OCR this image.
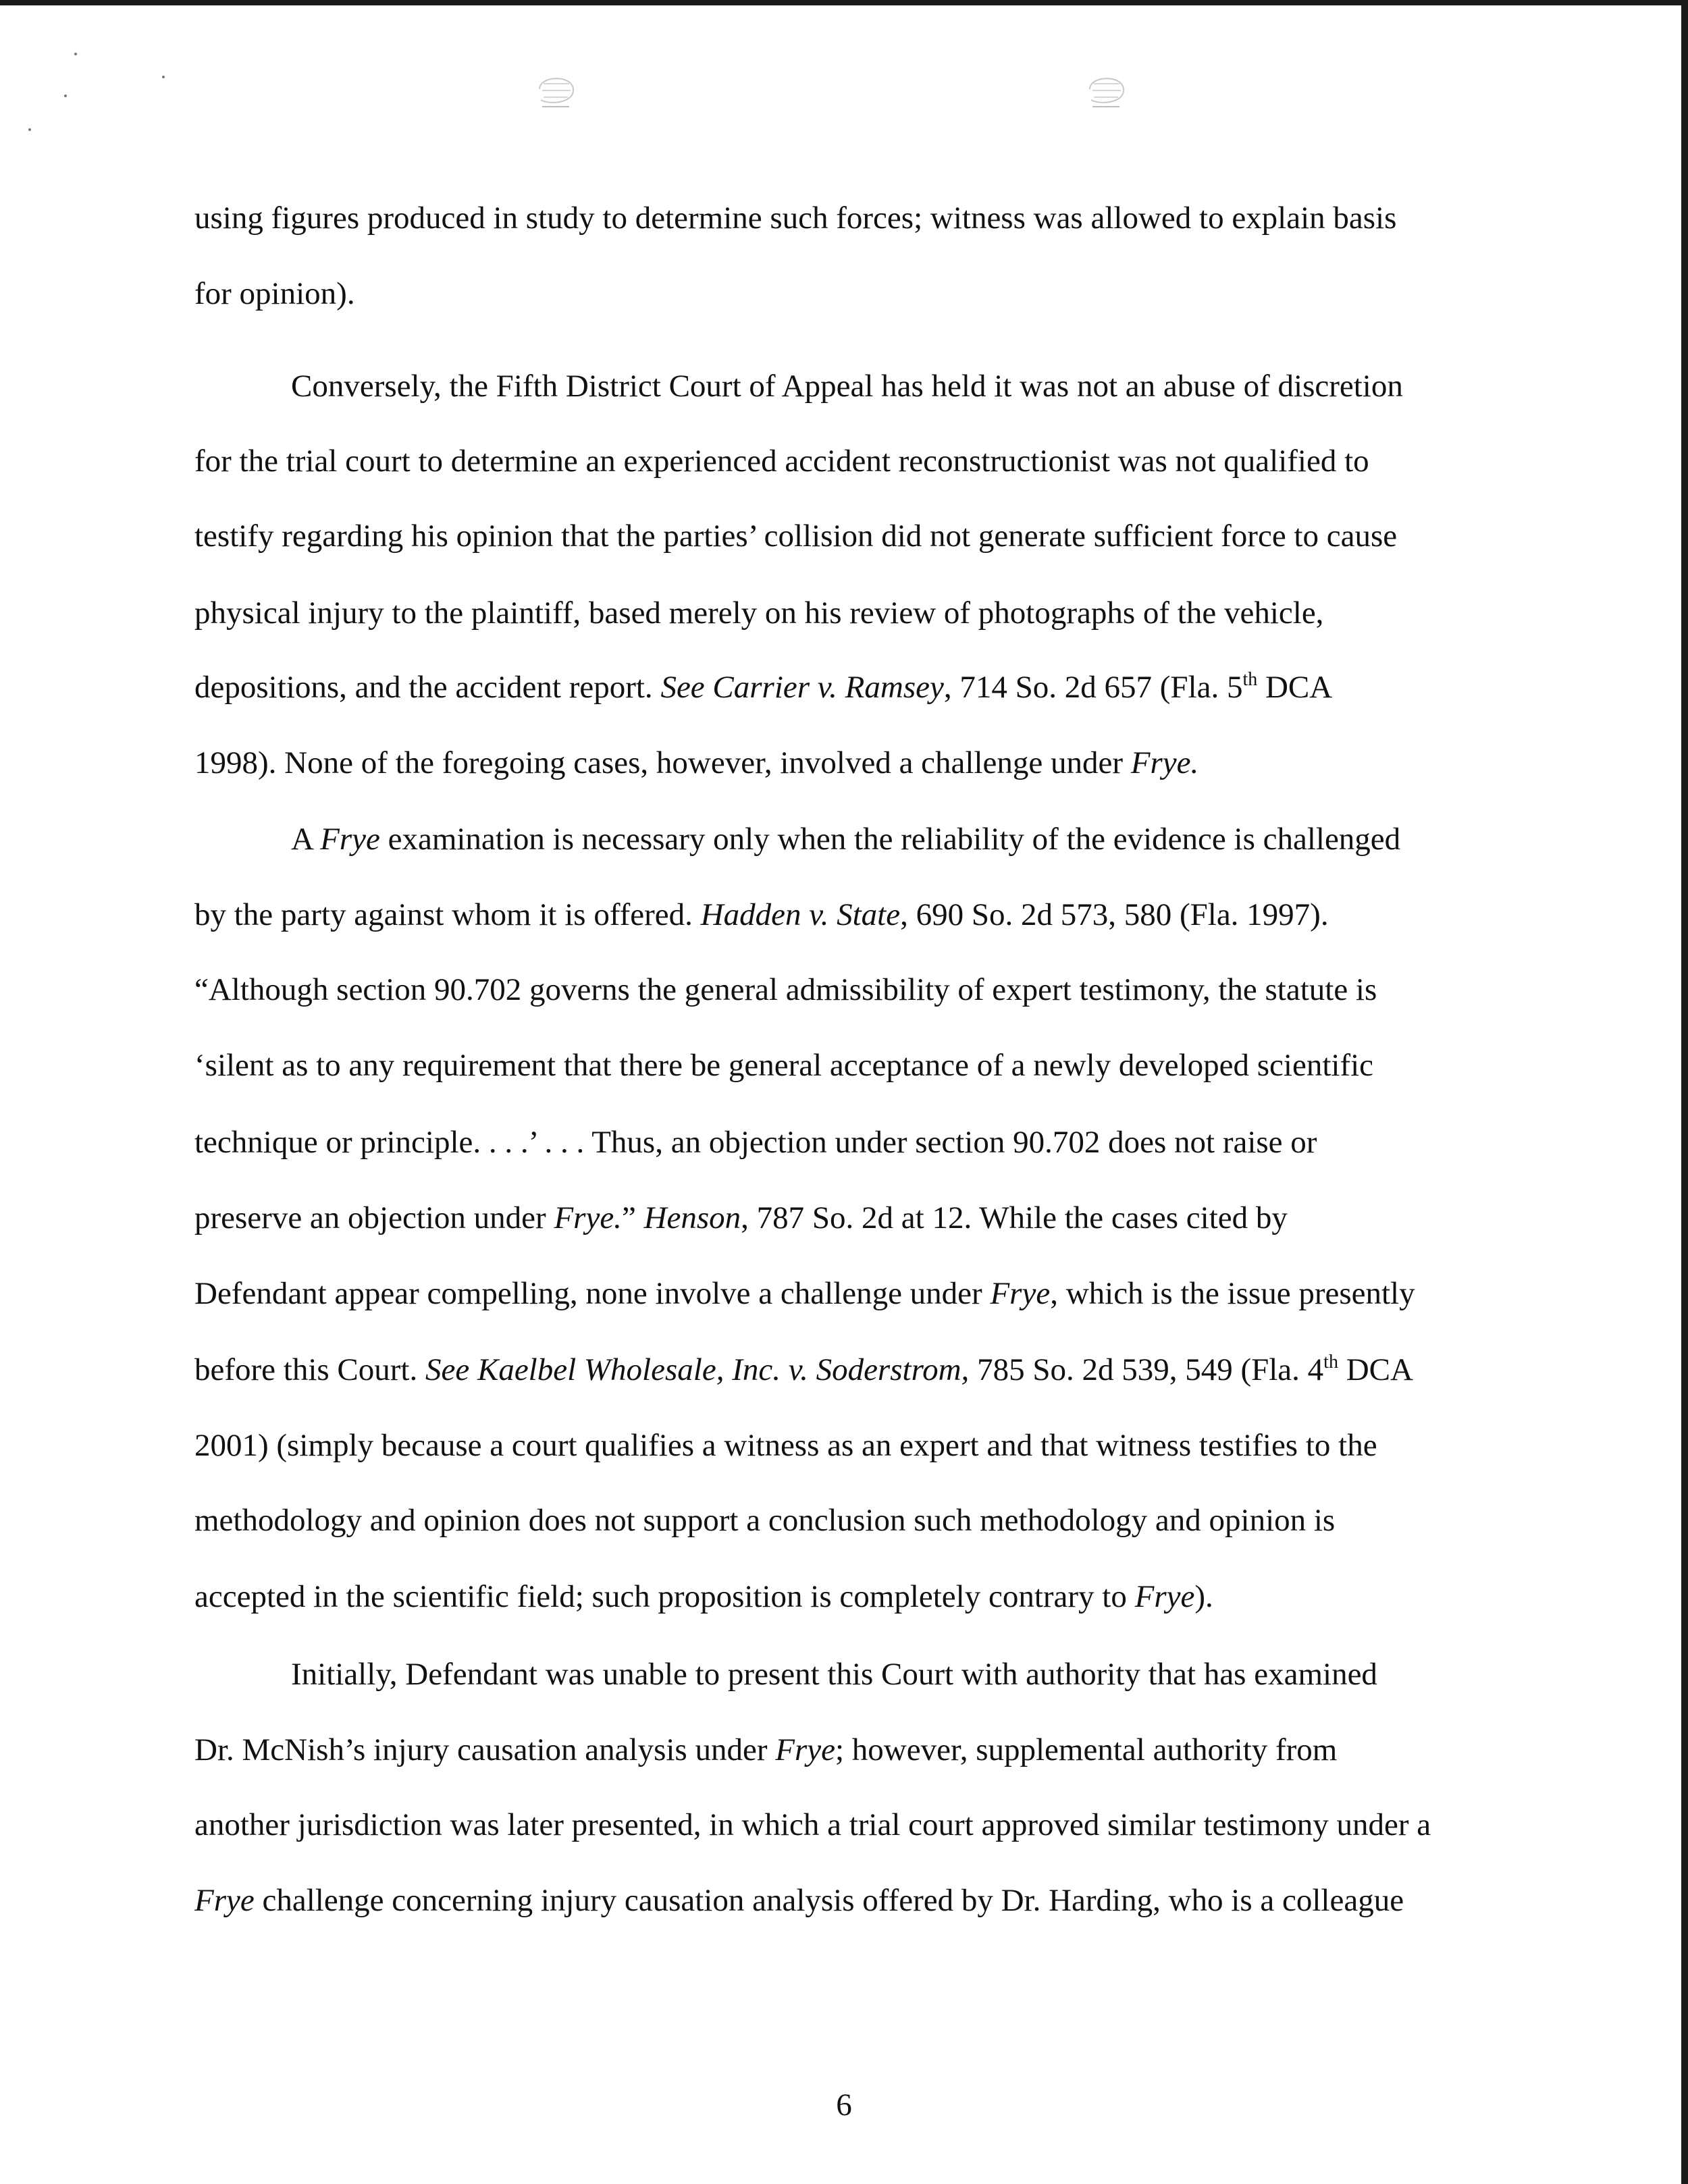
using figures produced in study to determine such forces; witness was allowed to explain basis
for opinion).
Conversely, the Fifth District Court of Appeal has held it was not an abuse of discretion
for the trial court to determine an experienced accident reconstructionist was not qualified to
testify regarding his opinion that the parties’ collision did not generate sufficient force to cause
physical injury to the plaintiff, based merely on his review of photographs of the vehicle,
depositions, and the accident report. See Carrier v. Ramsey, 714 So. 2d 657 (Fla. 5th DCA
1998). None of the foregoing cases, however, involved a challenge under Frye.
A Frye examination is necessary only when the reliability of the evidence is challenged
by the party against whom it is offered. Hadden v. State, 690 So. 2d 573, 580 (Fla. 1997).
“Although section 90.702 governs the general admissibility of expert testimony, the statute is
‘silent as to any requirement that there be general acceptance of a newly developed scientific
technique or principle. . . .’ . . . Thus, an objection under section 90.702 does not raise or
preserve an objection under Frye.” Henson, 787 So. 2d at 12. While the cases cited by
Defendant appear compelling, none involve a challenge under Frye, which is the issue presently
before this Court. See Kaelbel Wholesale, Inc. v. Soderstrom, 785 So. 2d 539, 549 (Fla. 4th DCA
2001) (simply because a court qualifies a witness as an expert and that witness testifies to the
methodology and opinion does not support a conclusion such methodology and opinion is
accepted in the scientific field; such proposition is completely contrary to Frye).
Initially, Defendant was unable to present this Court with authority that has examined
Dr. McNish’s injury causation analysis under Frye; however, supplemental authority from
another jurisdiction was later presented, in which a trial court approved similar testimony under a
Frye challenge concerning injury causation analysis offered by Dr. Harding, who is a colleague
6
